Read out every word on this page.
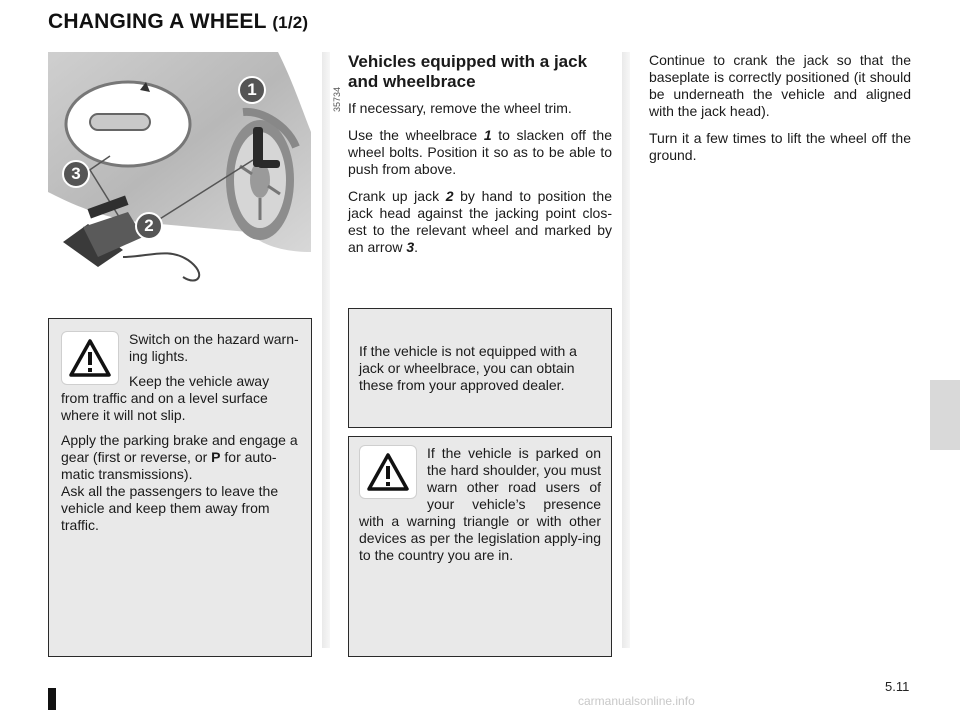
CHANGING A WHEEL (1/2)
1
2
3
35734

Switch on the hazard warn-ing lights.

Keep the vehicle away from traffic and on a level surface where it will not slip.

Apply the parking brake and engage a gear (first or reverse, or P for auto-matic transmissions).

Ask all the passengers to leave the vehicle and keep them away from traffic.

Vehicles equipped with a jack and wheelbrace

If necessary, remove the wheel trim.

Use the wheelbrace 1 to slacken off the wheel bolts. Position it so as to be able to push from above.

Crank up jack 2 by hand to position the jack head against the jacking point clos-est to the relevant wheel and marked by an arrow 3.

If the vehicle is not equipped with a jack or wheelbrace, you can obtain these from your approved dealer.

If the vehicle is parked on the hard shoulder, you must warn other road users of your vehicle’s presence with a warning triangle or with other devices as per the legislation apply-ing to the country you are in.

Continue to crank the jack so that the baseplate is correctly positioned (it should be underneath the vehicle and aligned with the jack head).

Turn it a few times to lift the wheel off the ground.

5.11
carmanualsonline.info
